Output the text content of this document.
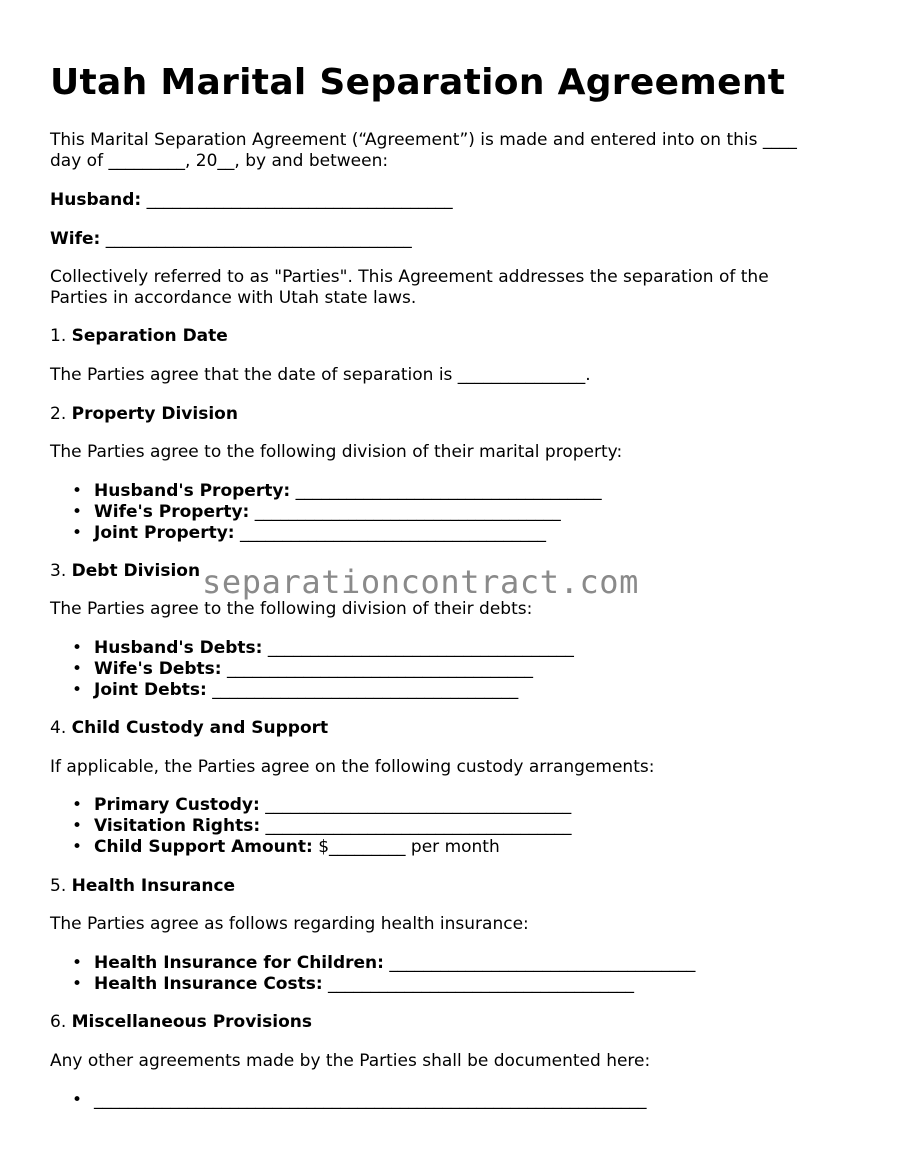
Utah Marital Separation Agreement

This Marital Separation Agreement (“Agreement”) is made and entered into on this ____

day of _________, 20__, by and between:

Husband: ____________________________________

Wife: ____________________________________

Collectively referred to as "Parties". This Agreement addresses the separation of the

Parties in accordance with Utah state laws.

1. Separation Date

The Parties agree that the date of separation is _______________.

2. Property Division

The Parties agree to the following division of their marital property:

• Husband's Property: ____________________________________
• Wife's Property: ____________________________________
• Joint Property: ____________________________________

3. Debt Division

The Parties agree to the following division of their debts:

• Husband's Debts: ____________________________________
• Wife's Debts: ____________________________________
• Joint Debts: ____________________________________

4. Child Custody and Support

If applicable, the Parties agree on the following custody arrangements:

• Primary Custody: ____________________________________
• Visitation Rights: ____________________________________
• Child Support Amount: $_________ per month

5. Health Insurance

The Parties agree as follows regarding health insurance:

• Health Insurance for Children: ____________________________________
• Health Insurance Costs: ____________________________________

6. Miscellaneous Provisions

Any other agreements made by the Parties shall be documented here:

• _________________________________________________________________
separationcontract.com
